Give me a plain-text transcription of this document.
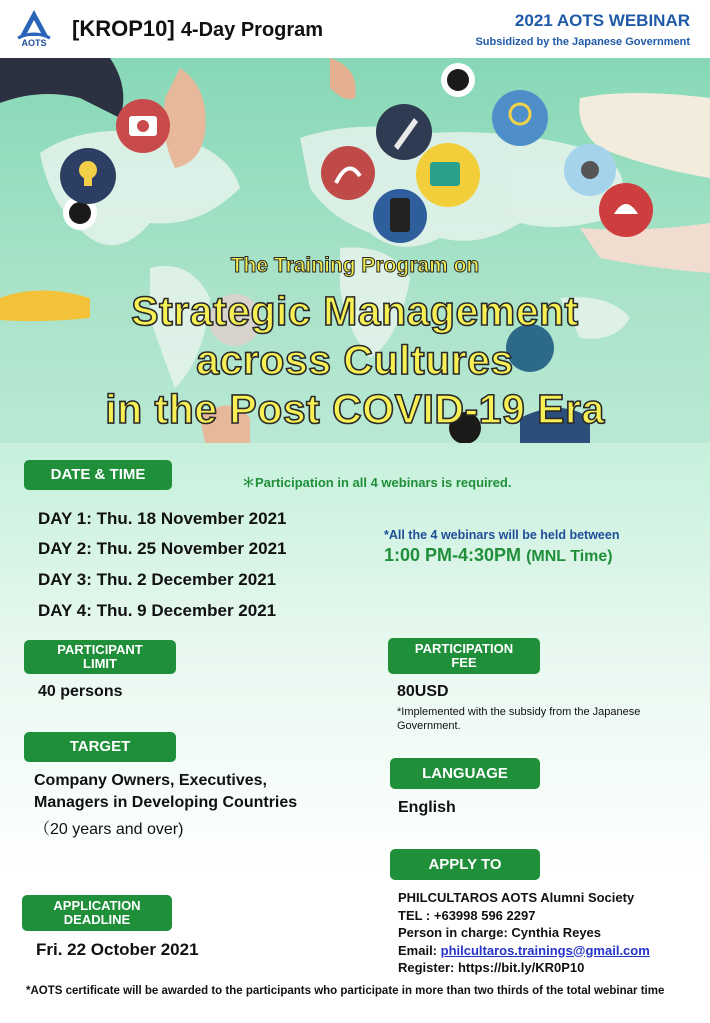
AOTS
[KROP10] 4-Day Program	2021 AOTS WEBINAR
Subsidized by the Japanese Government
The Training Program on
Strategic Management
across Cultures
in the Post COVID-19 Era
DATE & TIME	＊Participation in all 4 webinars is required.
DAY 1: Thu. 18 November 2021
DAY 2: Thu. 25 November 2021
DAY 3: Thu. 2 December 2021
DAY 4: Thu. 9 December 2021
*All the 4 webinars will be held between
1:00 PM-4:30PM (MNL Time)
PARTICIPANT
LIMIT
40 persons
PARTICIPATION
FEE
80USD
*Implemented with the subsidy from the Japanese Government.
TARGET
Company Owners, Executives,
Managers in Developing Countries
（20 years and over)
LANGUAGE
English
APPLY TO
PHILCULTAROS AOTS Alumni Society
TEL : +63998 596 2297
Person in charge: Cynthia Reyes
Email: philcultaros.trainings@gmail.com
Register: https://bit.ly/KR0P10
APPLICATION
DEADLINE
Fri. 22 October 2021
*AOTS certificate will be awarded to the participants who participate in more than two thirds of the total webinar time
